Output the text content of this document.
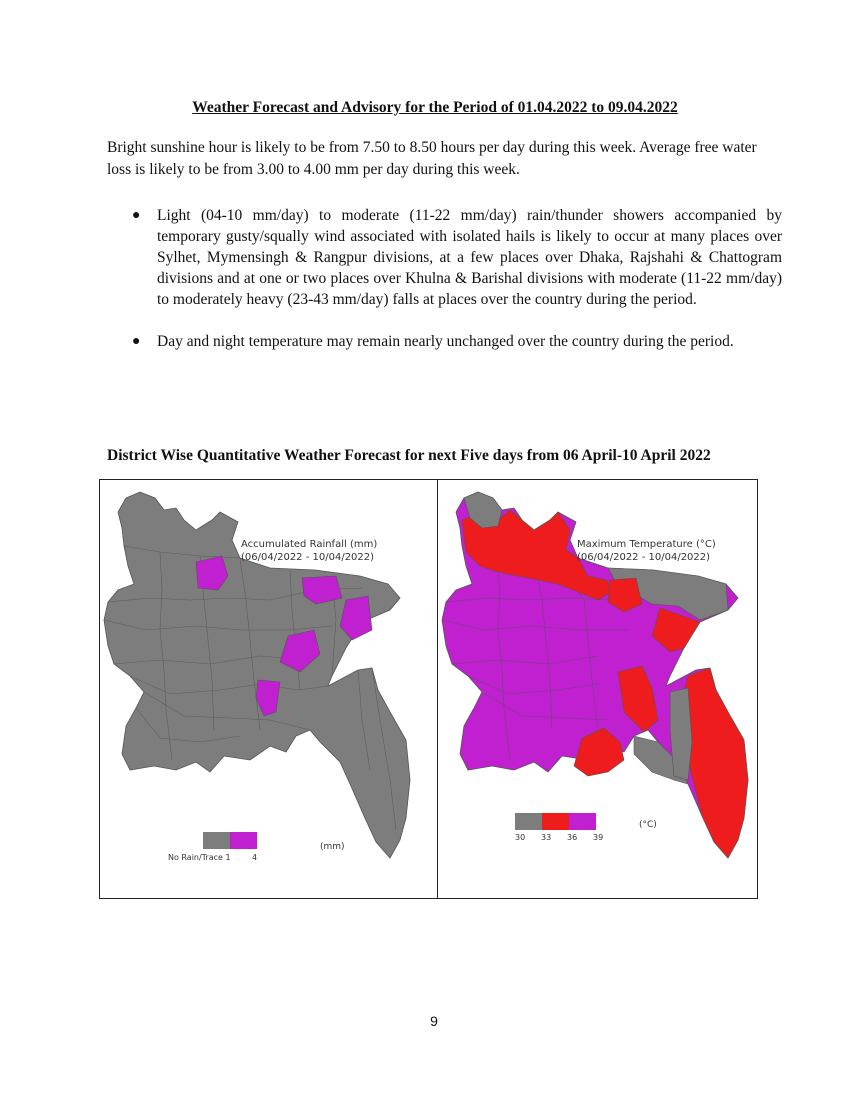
Weather Forecast and Advisory for the Period of 01.04.2022 to 09.04.2022
Bright sunshine hour is likely to be from 7.50 to 8.50 hours per day during this week. Average free water loss is likely to be from 3.00 to 4.00 mm per day during this week.
● Light (04-10 mm/day) to moderate (11-22 mm/day) rain/thunder showers accompanied by temporary gusty/squally wind associated with isolated hails is likely to occur at many places over Sylhet, Mymensingh & Rangpur divisions, at a few places over Dhaka, Rajshahi & Chattogram divisions and at one or two places over Khulna & Barishal divisions with moderate (11-22 mm/day) to moderately heavy (23-43 mm/day) falls at places over the country during the period.
● Day and night temperature may remain nearly unchanged over the country during the period.
District Wise Quantitative Weather Forecast for next Five days from 06 April-10 April 2022
Accumulated Rainfall (mm)
(06/04/2022 - 10/04/2022)
No Rain/Trace 1	4
(mm)
Maximum Temperature (°C)
(06/04/2022 - 10/04/2022)
30 33 36 39
(°C)
9
